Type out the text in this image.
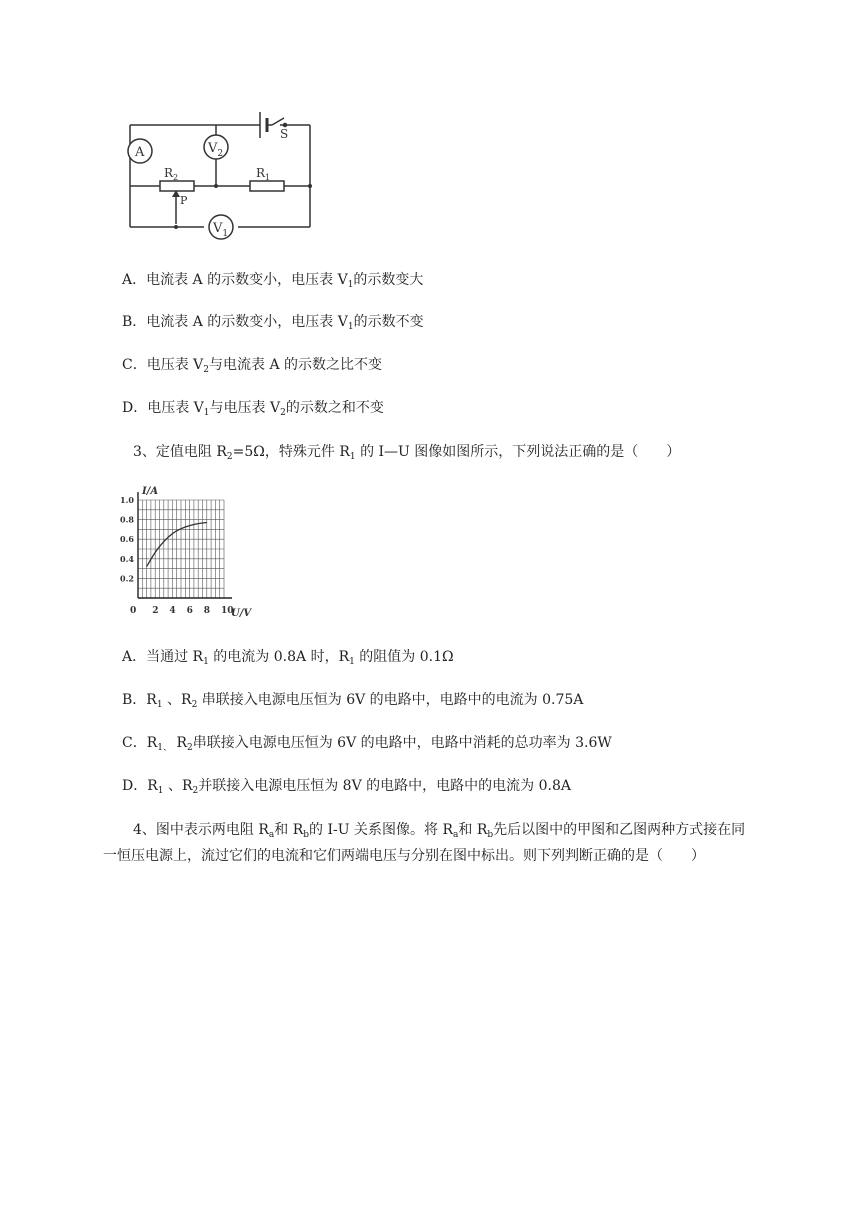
S
A	$V_2$
$V_1$
$R_2$
P
$R_1$
A．电流表 A 的示数变小，电压表 $V_1$的示数变大
B．电流表 A 的示数变小，电压表 $V_1$的示数不变
C．电压表 $V_2$与电流表 A 的示数之比不变
D．电压表 $V_1$与电压表 $V_2$的示数之和不变
3、定值电阻 $R_2=5\Omega$，特殊元件 $R_1$ 的 I—U 图像如图所示，下列说法正确的是（　　）
0 2 4 6 8 10
1.0
0.8
0.6
0.4
0.2
I/A
U/V
A．当通过 $R_1$ 的电流为 0.8A 时，$R_1$ 的阻值为 0.1Ω
B．$R_1$ 、$R_2$ 串联接入电源电压恒为 6V 的电路中，电路中的电流为 0.75A
C．$R_{1、}$ $R_2$串联接入电源电压恒为 6V 的电路中，电路中消耗的总功率为 3.6W
D．$R_1$ 、$R_2$并联接入电源电压恒为 8V 的电路中，电路中的电流为 0.8A
4、图中表示两电阻 $R_a$和 $R_b$的 I-U 关系图像。将 $R_a$和 $R_b$先后以图中的甲图和乙图两种方式接在同
一恒压电源上，流过它们的电流和它们两端电压与分别在图中标出。则下列判断正确的是（　　）
